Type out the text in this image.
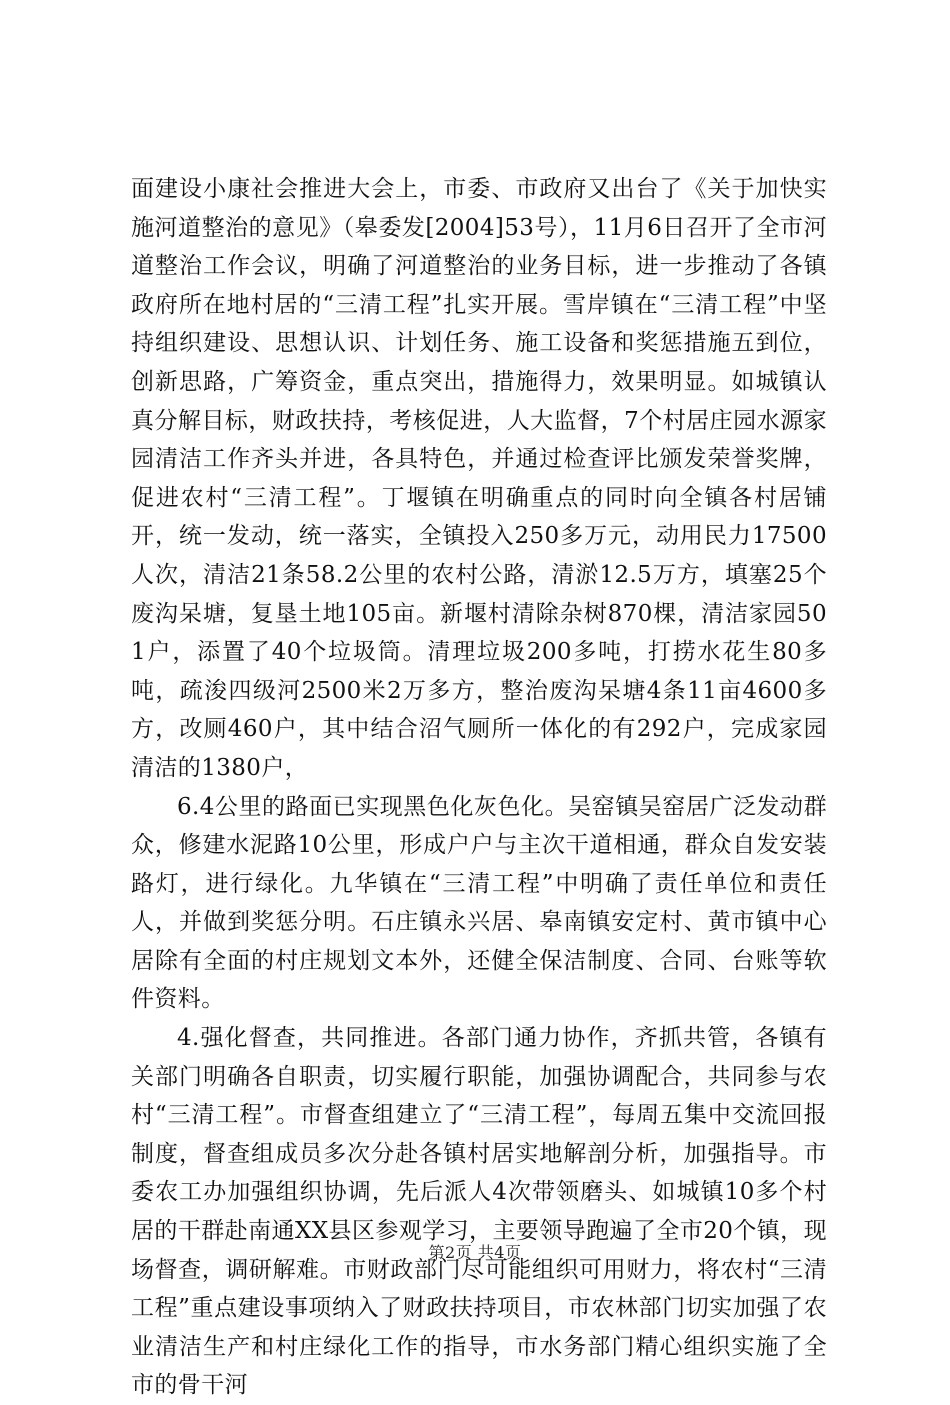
面建设小康社会推进大会上，市委、市政府又出台了《关于加快实施河道整治的意见》（皋委发[2004]53号），11月6日召开了全市河道整治工作会议，明确了河道整治的业务目标，进一步推动了各镇政府所在地村居的“三清工程”扎实开展。雪岸镇在“三清工程”中坚持组织建设、思想认识、计划任务、施工设备和奖惩措施五到位，创新思路，广筹资金，重点突出，措施得力，效果明显。如城镇认真分解目标，财政扶持，考核促进，人大监督，7个村居庄园水源家园清洁工作齐头并进，各具特色，并通过检查评比颁发荣誉奖牌，促进农村“三清工程”。丁堰镇在明确重点的同时向全镇各村居铺开，统一发动，统一落实，全镇投入250多万元，动用民力17500人次，清洁21条58.2公里的农村公路，清淤12.5万方，填塞25个废沟呆塘，复垦土地105亩。新堰村清除杂树870棵，清洁家园501户，添置了40个垃圾筒。清理垃圾200多吨，打捞水花生80多吨，疏浚四级河2500米2万多方，整治废沟呆塘4条11亩4600多方，改厕460户，其中结合沼气厕所一体化的有292户，完成家园清洁的1380户，

6.4公里的路面已实现黑色化灰色化。吴窑镇吴窑居广泛发动群众，修建水泥路10公里，形成户户与主次干道相通，群众自发安装路灯，进行绿化。九华镇在“三清工程”中明确了责任单位和责任人，并做到奖惩分明。石庄镇永兴居、皋南镇安定村、黄市镇中心居除有全面的村庄规划文本外，还健全保洁制度、合同、台账等软件资料。

4.强化督查，共同推进。各部门通力协作，齐抓共管，各镇有关部门明确各自职责，切实履行职能，加强协调配合，共同参与农村“三清工程”。市督查组建立了“三清工程”，每周五集中交流回报制度，督查组成员多次分赴各镇村居实地解剖分析，加强指导。市委农工办加强组织协调，先后派人4次带领磨头、如城镇10多个村居的干群赴南通XX县区参观学习，主要领导跑遍了全市20个镇，现场督查，调研解难。市财政部门尽可能组织可用财力，将农村“三清工程”重点建设事项纳入了财政扶持项目，市农林部门切实加强了农业清洁生产和村庄绿化工作的指导，市水务部门精心组织实施了全市的骨干河

第2页 共4页
